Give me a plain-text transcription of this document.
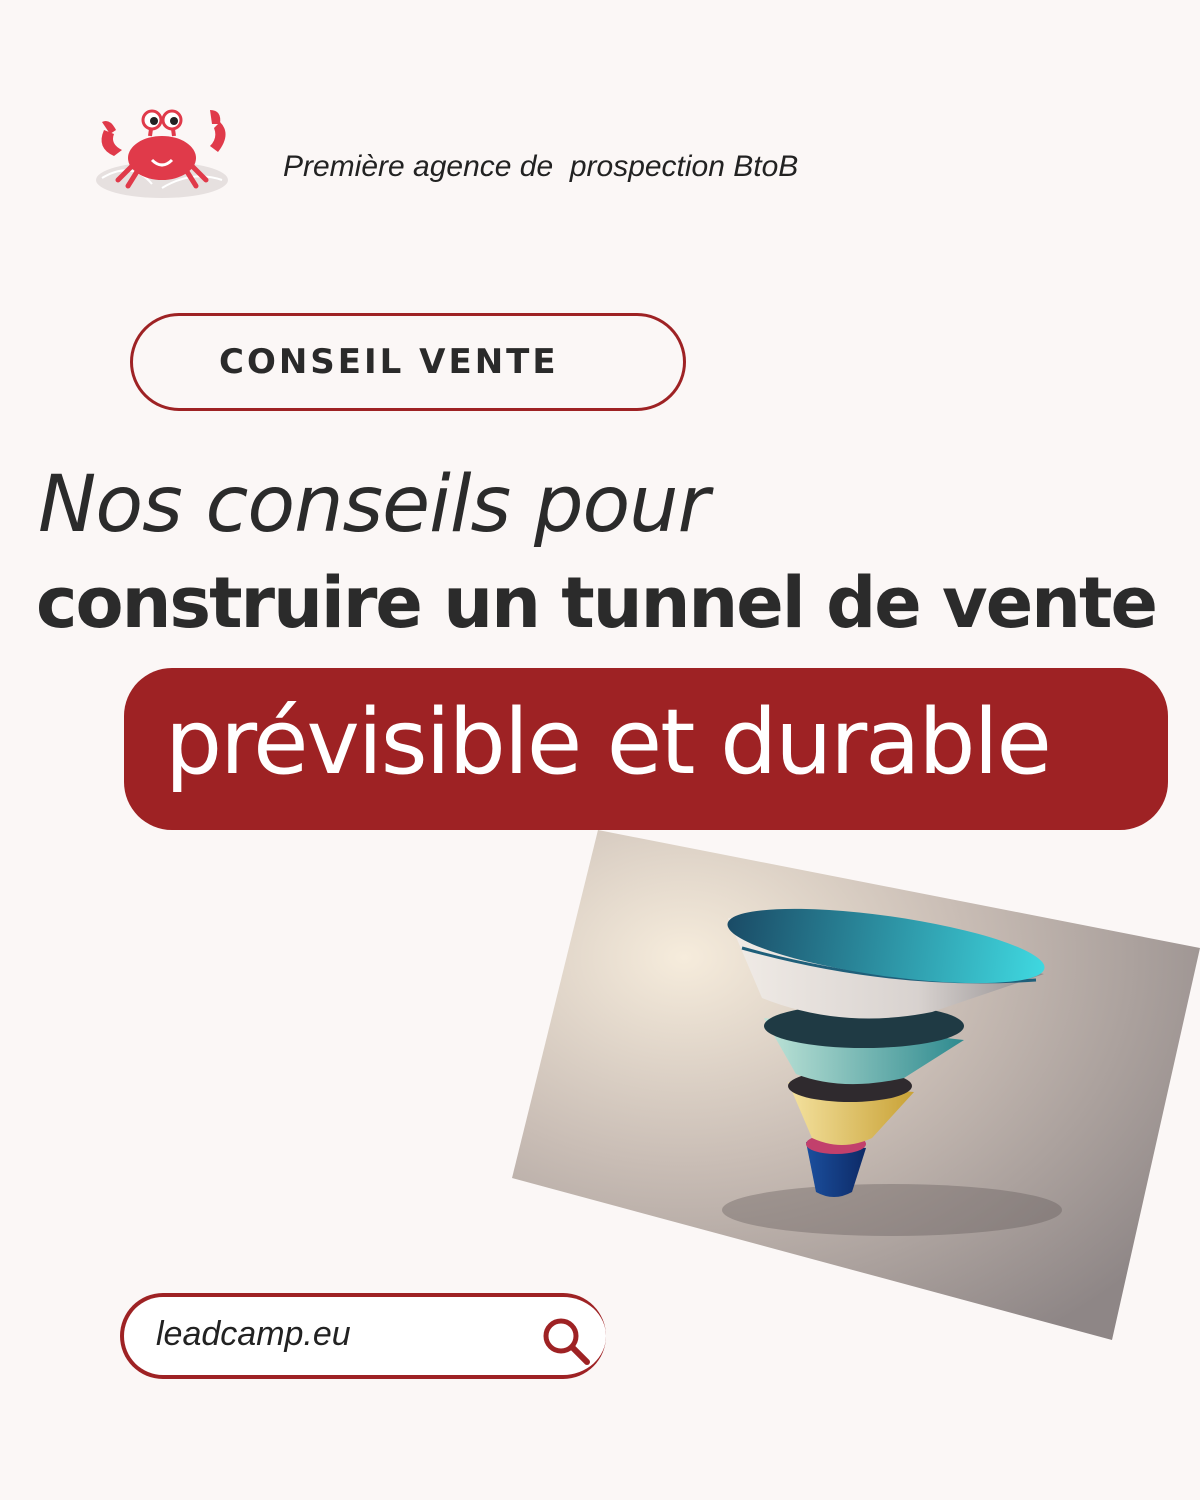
Première agence de  prospection BtoB
CONSEIL VENTE
Nos conseils pour
construire un tunnel de vente
prévisible et durable
leadcamp.eu
